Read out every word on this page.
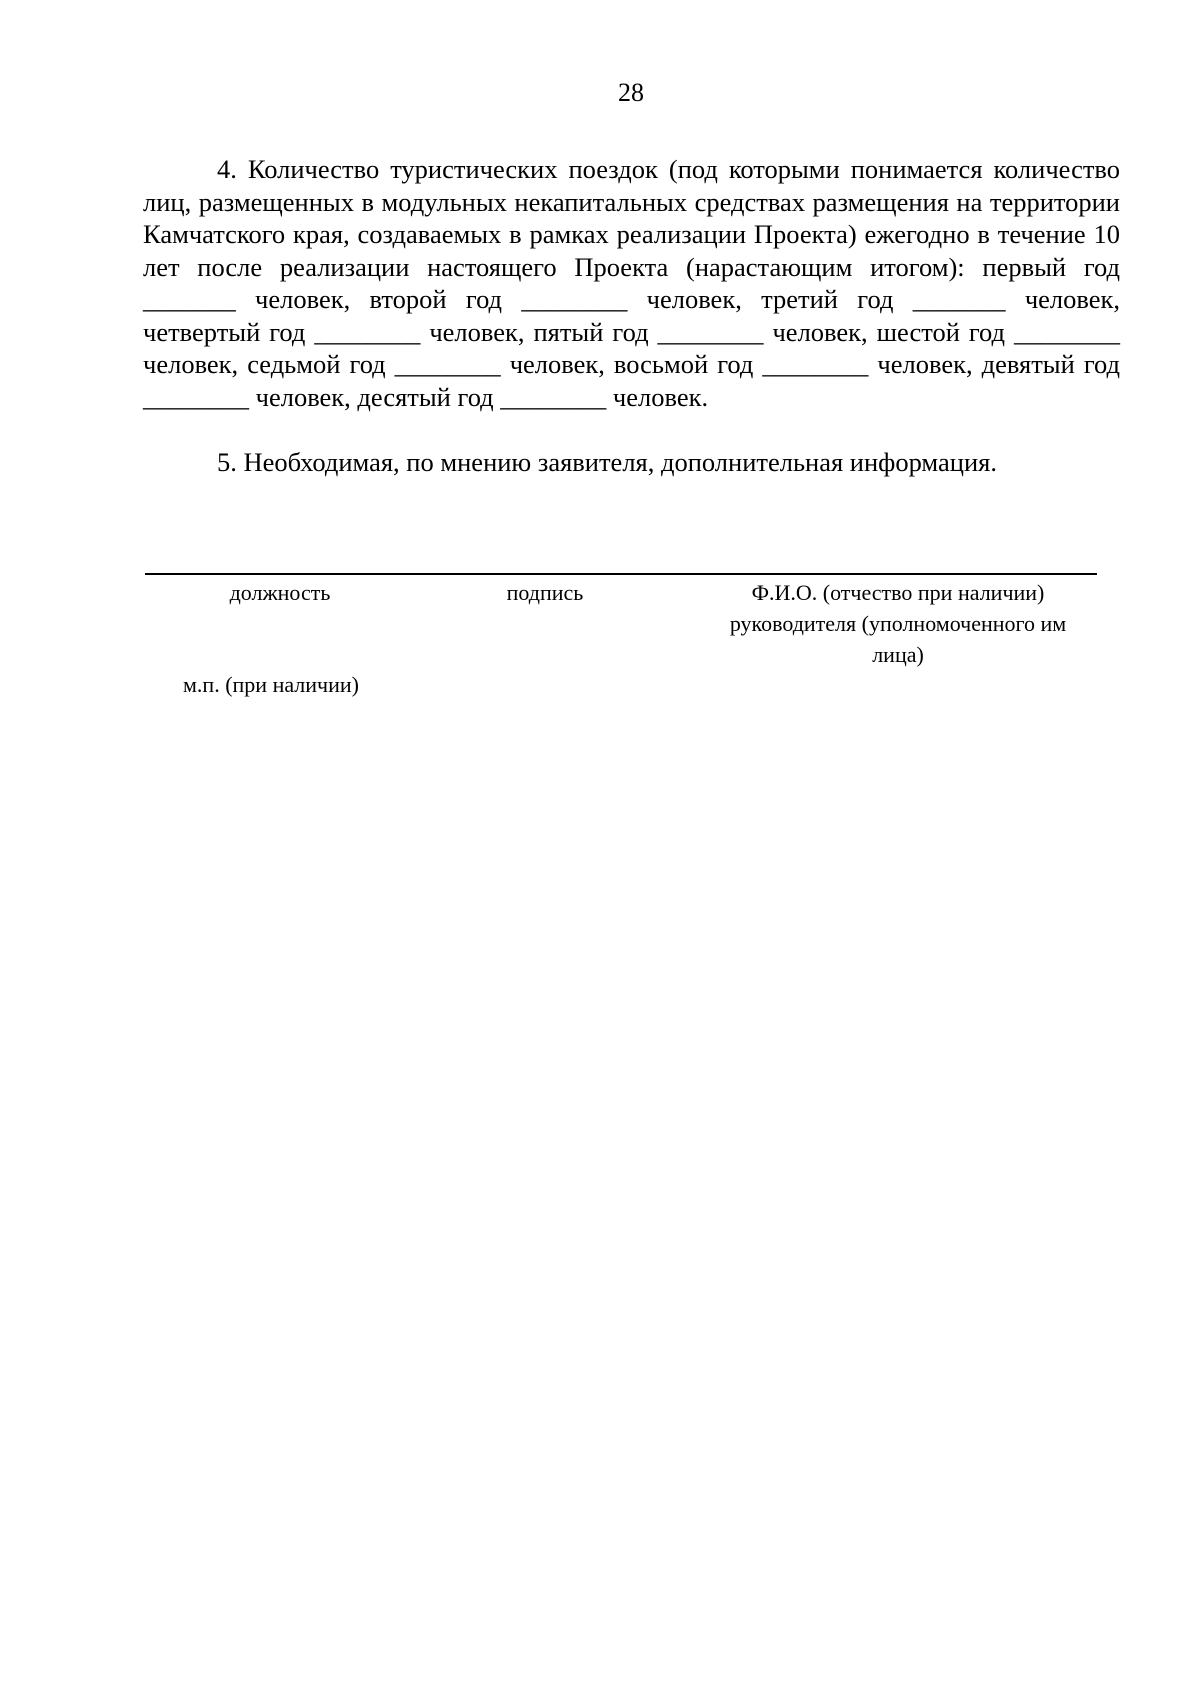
28

4. Количество туристических поездок (под которыми понимается количество лиц, размещенных в модульных некапитальных средствах размещения на территории Камчатского края, создаваемых в рамках реализации Проекта) ежегодно в течение 10 лет после реализации настоящего Проекта (нарастающим итогом): первый год _______ человек, второй год ________ человек, третий год _______ человек, четвертый год ________ человек, пятый год ________ человек, шестой год ________ человек, седьмой год ________ человек, восьмой год ________ человек, девятый год ________ человек, десятый год ________ человек.

5. Необходимая, по мнению заявителя, дополнительная информация.

должность	подпись	Ф.И.О. (отчество при наличии) руководителя (уполномоченного им лица)

м.п. (при наличии)
